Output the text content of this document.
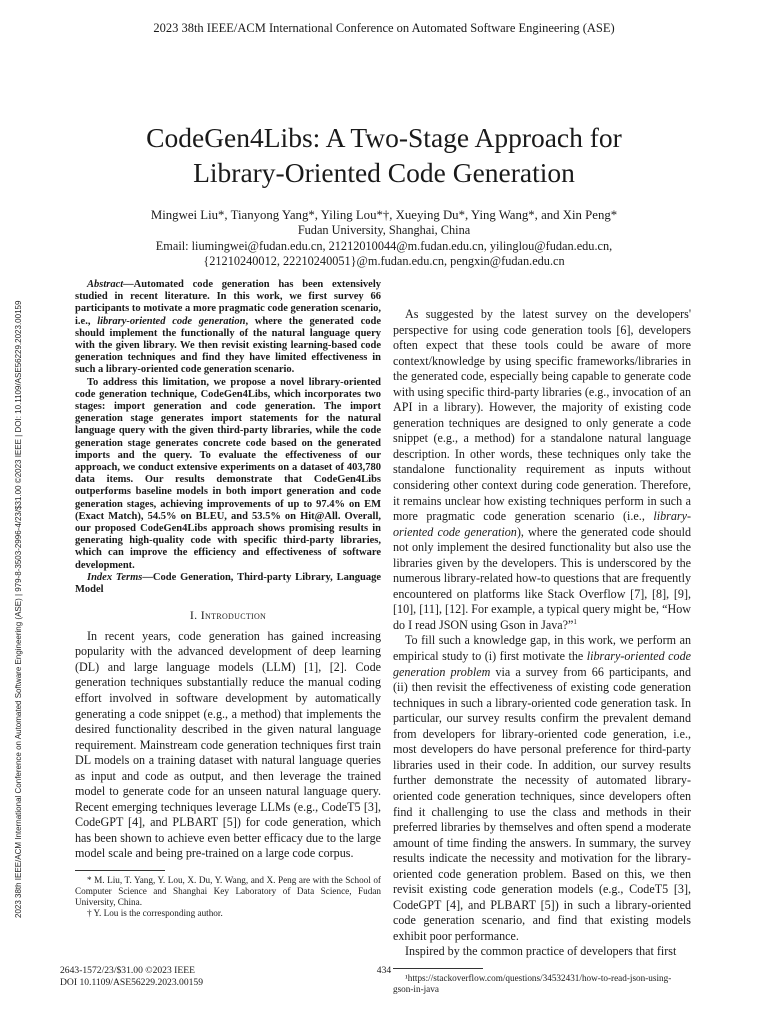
2023 38th IEEE/ACM International Conference on Automated Software Engineering (ASE)
2023 38th IEEE/ACM International Conference on Automated Software Engineering (ASE) | 979-8-3503-2996-4/23/$31.00 ©2023 IEEE | DOI: 10.1109/ASE56229.2023.00159
CodeGen4Libs: A Two-Stage Approach for
Library-Oriented Code Generation
Mingwei Liu*, Tianyong Yang*, Yiling Lou*†, Xueying Du*, Ying Wang*, and Xin Peng*
Fudan University, Shanghai, China
Email: liumingwei@fudan.edu.cn, 21212010044@m.fudan.edu.cn, yilinglou@fudan.edu.cn,
{21210240012, 22210240051}@m.fudan.edu.cn, pengxin@fudan.edu.cn

Abstract—Automated code generation has been extensively studied in recent literature. In this work, we first survey 66 participants to motivate a more pragmatic code generation scenario, i.e., library-oriented code generation, where the generated code should implement the functionally of the natural language query with the given library. We then revisit existing learning-based code generation techniques and find they have limited effectiveness in such a library-oriented code generation scenario.

To address this limitation, we propose a novel library-oriented code generation technique, CodeGen4Libs, which incorporates two stages: import generation and code generation. The import generation stage generates import statements for the natural language query with the given third-party libraries, while the code generation stage generates concrete code based on the generated imports and the query. To evaluate the effectiveness of our approach, we conduct extensive experiments on a dataset of 403,780 data items. Our results demonstrate that CodeGen4Libs outperforms baseline models in both import generation and code generation stages, achieving improvements of up to 97.4% on EM (Exact Match), 54.5% on BLEU, and 53.5% on Hit@All. Overall, our proposed CodeGen4Libs approach shows promising results in generating high-quality code with specific third-party libraries, which can improve the efficiency and effectiveness of software development.

Index Terms—Code Generation, Third-party Library, Language Model

I. Introduction

In recent years, code generation has gained increasing popularity with the advanced development of deep learning (DL) and large language models (LLM) [1], [2]. Code generation techniques substantially reduce the manual coding effort involved in software development by automatically generating a code snippet (e.g., a method) that implements the desired functionality described in the given natural language requirement. Mainstream code generation techniques first train DL models on a training dataset with natural language queries as input and code as output, and then leverage the trained model to generate code for an unseen natural language query. Recent emerging techniques leverage LLMs (e.g., CodeT5 [3], CodeGPT [4], and PLBART [5]) for code generation, which has been shown to achieve even better efficacy due to the large model scale and being pre-trained on a large code corpus.

* M. Liu, T. Yang, Y. Lou, X. Du, Y. Wang, and X. Peng are with the School of Computer Science and Shanghai Key Laboratory of Data Science, Fudan University, China.

† Y. Lou is the corresponding author.

As suggested by the latest survey on the developers' perspective for using code generation tools [6], developers often expect that these tools could be aware of more context/knowledge by using specific frameworks/libraries in the generated code, especially being capable to generate code with using specific third-party libraries (e.g., invocation of an API in a library). However, the majority of existing code generation techniques are designed to only generate a code snippet (e.g., a method) for a standalone natural language description. In other words, these techniques only take the standalone functionality requirement as inputs without considering other context during code generation. Therefore, it remains unclear how existing techniques perform in such a more pragmatic code generation scenario (i.e., library-oriented code generation), where the generated code should not only implement the desired functionality but also use the libraries given by the developers. This is underscored by the numerous library-related how-to questions that are frequently encountered on platforms like Stack Overflow [7], [8], [9], [10], [11], [12]. For example, a typical query might be, “How do I read JSON using Gson in Java?”$^1$

To fill such a knowledge gap, in this work, we perform an empirical study to (i) first motivate the library-oriented code generation problem via a survey from 66 participants, and (ii) then revisit the effectiveness of existing code generation techniques in such a library-oriented code generation task. In particular, our survey results confirm the prevalent demand from developers for library-oriented code generation, i.e., most developers do have personal preference for third-party libraries used in their code. In addition, our survey results further demonstrate the necessity of automated library-oriented code generation techniques, since developers often find it challenging to use the class and methods in their preferred libraries by themselves and often spend a moderate amount of time finding the answers. In summary, the survey results indicate the necessity and motivation for the library-oriented code generation problem. Based on this, we then revisit existing code generation models (e.g., CodeT5 [3], CodeGPT [4], and PLBART [5]) in such a library-oriented code generation scenario, and find that existing models exhibit poor performance.

Inspired by the common practice of developers that first

¹https://stackoverflow.com/questions/34532431/how-to-read-json-using-gson-in-java

2643-1572/23/$31.00 ©2023 IEEE
DOI 10.1109/ASE56229.2023.00159
434
